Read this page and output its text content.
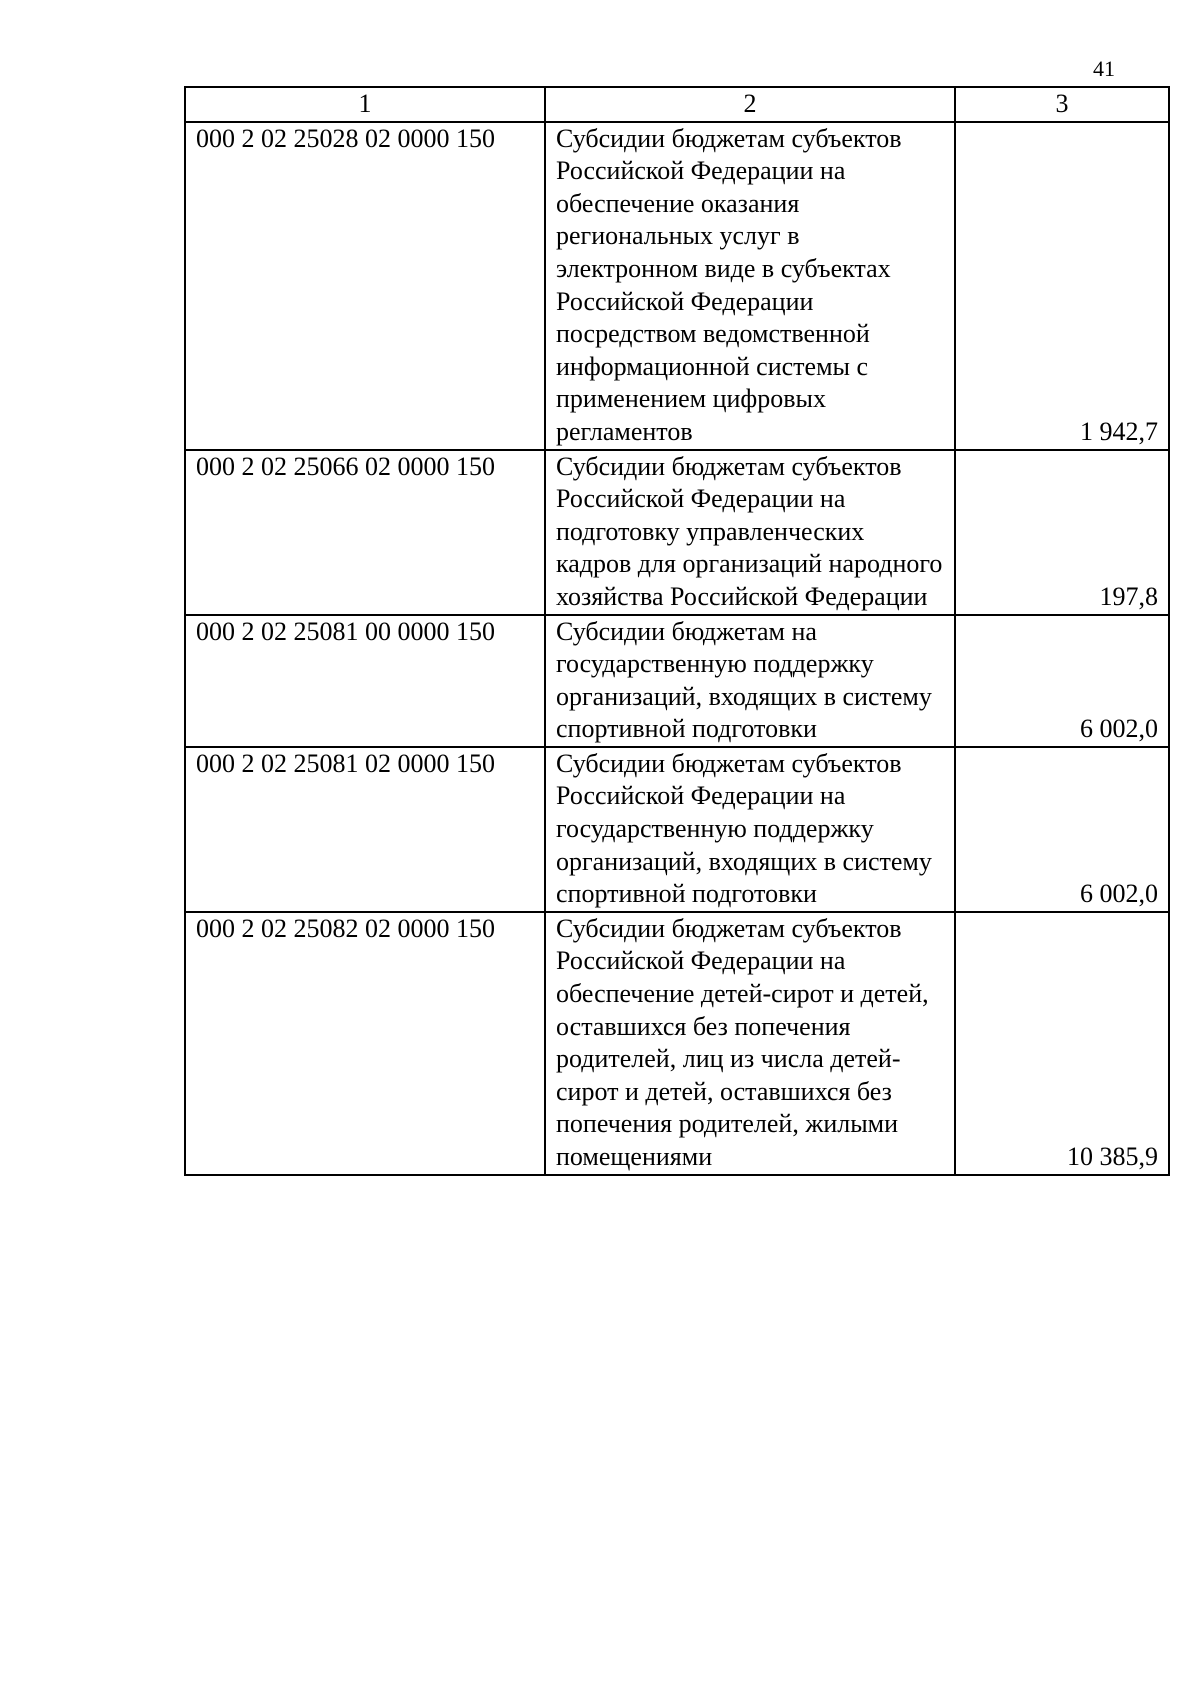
41
1	2	3
000 2 02 25028 02 0000 150	Субсидии бюджетам субъектов Российской Федерации на обеспечение оказания региональных услуг в электронном виде в субъектах Российской Федерации посредством ведомственной информационной системы с применением цифровых регламентов	1 942,7
000 2 02 25066 02 0000 150	Субсидии бюджетам субъектов Российской Федерации на подготовку управленческих кадров для организаций народного хозяйства Российской Федерации	197,8
000 2 02 25081 00 0000 150	Субсидии бюджетам на государственную поддержку организаций, входящих в систему спортивной подготовки	6 002,0
000 2 02 25081 02 0000 150	Субсидии бюджетам субъектов Российской Федерации на государственную поддержку организаций, входящих в систему спортивной подготовки	6 002,0
000 2 02 25082 02 0000 150	Субсидии бюджетам субъектов Российской Федерации на обеспечение детей-сирот и детей, оставшихся без попечения родителей, лиц из числа детей-сирот и детей, оставшихся без попечения родителей, жилыми помещениями	10 385,9
